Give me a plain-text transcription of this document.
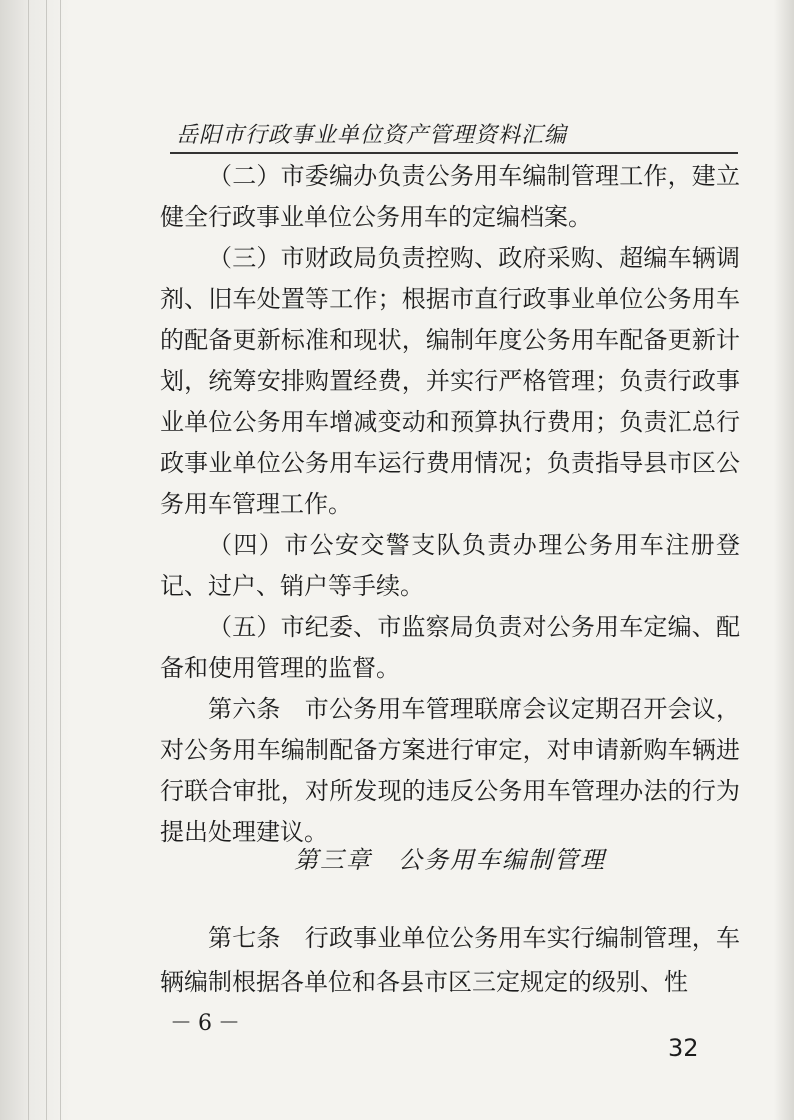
岳阳市行政事业单位资产管理资料汇编

（二）市委编办负责公务用车编制管理工作，建立健全行政事业单位公务用车的定编档案。

（三）市财政局负责控购、政府采购、超编车辆调剂、旧车处置等工作；根据市直行政事业单位公务用车的配备更新标准和现状，编制年度公务用车配备更新计划，统筹安排购置经费，并实行严格管理；负责行政事业单位公务用车增减变动和预算执行费用；负责汇总行政事业单位公务用车运行费用情况；负责指导县市区公务用车管理工作。

（四）市公安交警支队负责办理公务用车注册登记、过户、销户等手续。

（五）市纪委、市监察局负责对公务用车定编、配备和使用管理的监督。

第六条　市公务用车管理联席会议定期召开会议，对公务用车编制配备方案进行审定，对申请新购车辆进行联合审批，对所发现的违反公务用车管理办法的行为提出处理建议。

第三章　公务用车编制管理

第七条　行政事业单位公务用车实行编制管理，车辆编制根据各单位和各县市区三定规定的级别、性

－6－
32
